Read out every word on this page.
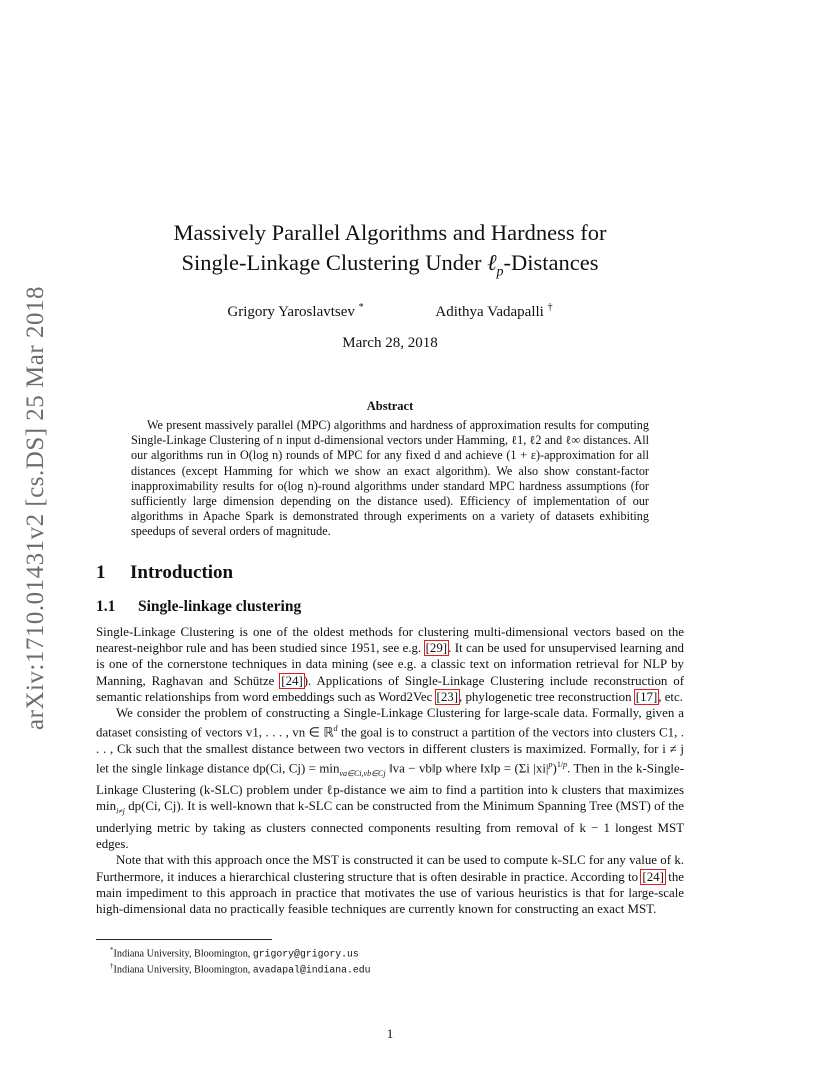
arXiv:1710.01431v2 [cs.DS] 25 Mar 2018
Massively Parallel Algorithms and Hardness for
Single-Linkage Clustering Under ℓ$_p$-Distances
Grigory Yaroslavtsev *	Adithya Vadapalli †
March 28, 2018
Abstract
We present massively parallel (MPC) algorithms and hardness of approximation results for computing Single-Linkage Clustering of n input d-dimensional vectors under Hamming, ℓ1, ℓ2 and ℓ∞ distances. All our algorithms run in O(log n) rounds of MPC for any fixed d and achieve (1 + ε)-approximation for all distances (except Hamming for which we show an exact algorithm). We also show constant-factor inapproximability results for o(log n)-round algorithms under standard MPC hardness assumptions (for sufficiently large dimension depending on the distance used). Efficiency of implementation of our algorithms in Apache Spark is demonstrated through experiments on a variety of datasets exhibiting speedups of several orders of magnitude.
1 Introduction
1.1 Single-linkage clustering

Single-Linkage Clustering is one of the oldest methods for clustering multi-dimensional vectors based on the nearest-neighbor rule and has been studied since 1951, see e.g. [29]. It can be used for unsupervised learning and is one of the cornerstone techniques in data mining (see e.g. a classic text on information retrieval for NLP by Manning, Raghavan and Schütze [24]). Applications of Single-Linkage Clustering include reconstruction of semantic relationships from word embeddings such as Word2Vec [23], phylogenetic tree reconstruction [17], etc.

We consider the problem of constructing a Single-Linkage Clustering for large-scale data. Formally, given a dataset consisting of vectors v1, . . . , vn ∈ ℝ$^d$ the goal is to construct a partition of the vectors into clusters C1, . . . , Ck such that the smallest distance between two vectors in different clusters is maximized. Formally, for i ≠ j let the single linkage distance dp(Ci, $Cj) = \min_{va\in Ci,vb\in Cj}$ ‖va − vb‖p where ‖x‖p = (Σi $|xi|^p)^{1/p}$. Then in the k-Single-Linkage Clustering (k-SLC) problem under ℓp-distance we aim to find a partition into k clusters that maximizes $\min_{i\ne j} dp(Ci$, Cj). It is well-known that k-SLC can be constructed from the Minimum Spanning Tree (MST) of the underlying metric by taking as clusters connected components resulting from removal of k − 1 longest MST edges.

Note that with this approach once the MST is constructed it can be used to compute k-SLC for any value of k. Furthermore, it induces a hierarchical clustering structure that is often desirable in practice. According to [24] the main impediment to this approach in practice that motivates the use of various heuristics is that for large-scale high-dimensional data no practically feasible techniques are currently known for constructing an exact MST.

*Indiana University, Bloomington, grigory@grigory.us
†Indiana University, Bloomington, avadapal@indiana.edu
1
